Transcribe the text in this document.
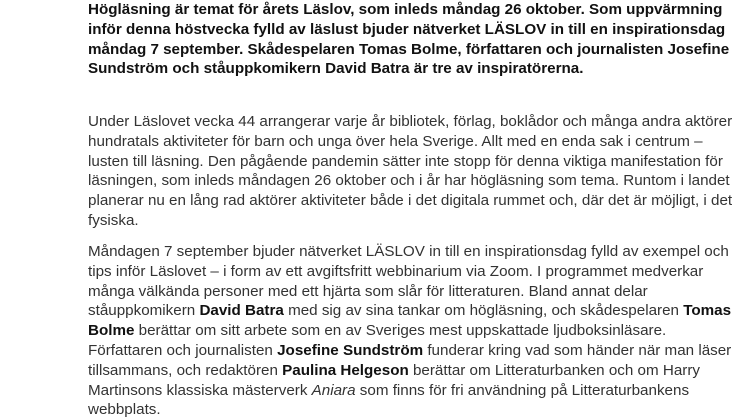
Högläsning är temat för årets Läslov, som inleds måndag 26 oktober. Som uppvärmning inför denna höstvecka fylld av läslust bjuder nätverket LÄSLOV in till en inspirationsdag måndag 7 september. Skådespelaren Tomas Bolme, författaren och journalisten Josefine Sundström och ståuppkomikern David Batra är tre av inspiratörerna.

Under Läslovet vecka 44 arrangerar varje år bibliotek, förlag, boklådor och många andra aktörer hundratals aktiviteter för barn och unga över hela Sverige. Allt med en enda sak i centrum – lusten till läsning. Den pågående pandemin sätter inte stopp för denna viktiga manifestation för läsningen, som inleds måndagen 26 oktober och i år har högläsning som tema. Runtom i landet planerar nu en lång rad aktörer aktiviteter både i det digitala rummet och, där det är möjligt, i det fysiska.

Måndagen 7 september bjuder nätverket LÄSLOV in till en inspirationsdag fylld av exempel och tips inför Läslovet – i form av ett avgiftsfritt webbinarium via Zoom. I programmet medverkar många välkända personer med ett hjärta som slår för litteraturen. Bland annat delar ståuppkomikern David Batra med sig av sina tankar om högläsning, och skådespelaren Tomas Bolme berättar om sitt arbete som en av Sveriges mest uppskattade ljudboksinläsare. Författaren och journalisten Josefine Sundström funderar kring vad som händer när man läser tillsammans, och redaktören Paulina Helgeson berättar om Litteraturbanken och om Harry Martinsons klassiska mästerverk Aniara som finns för fri användning på Litteraturbankens webbplats.
